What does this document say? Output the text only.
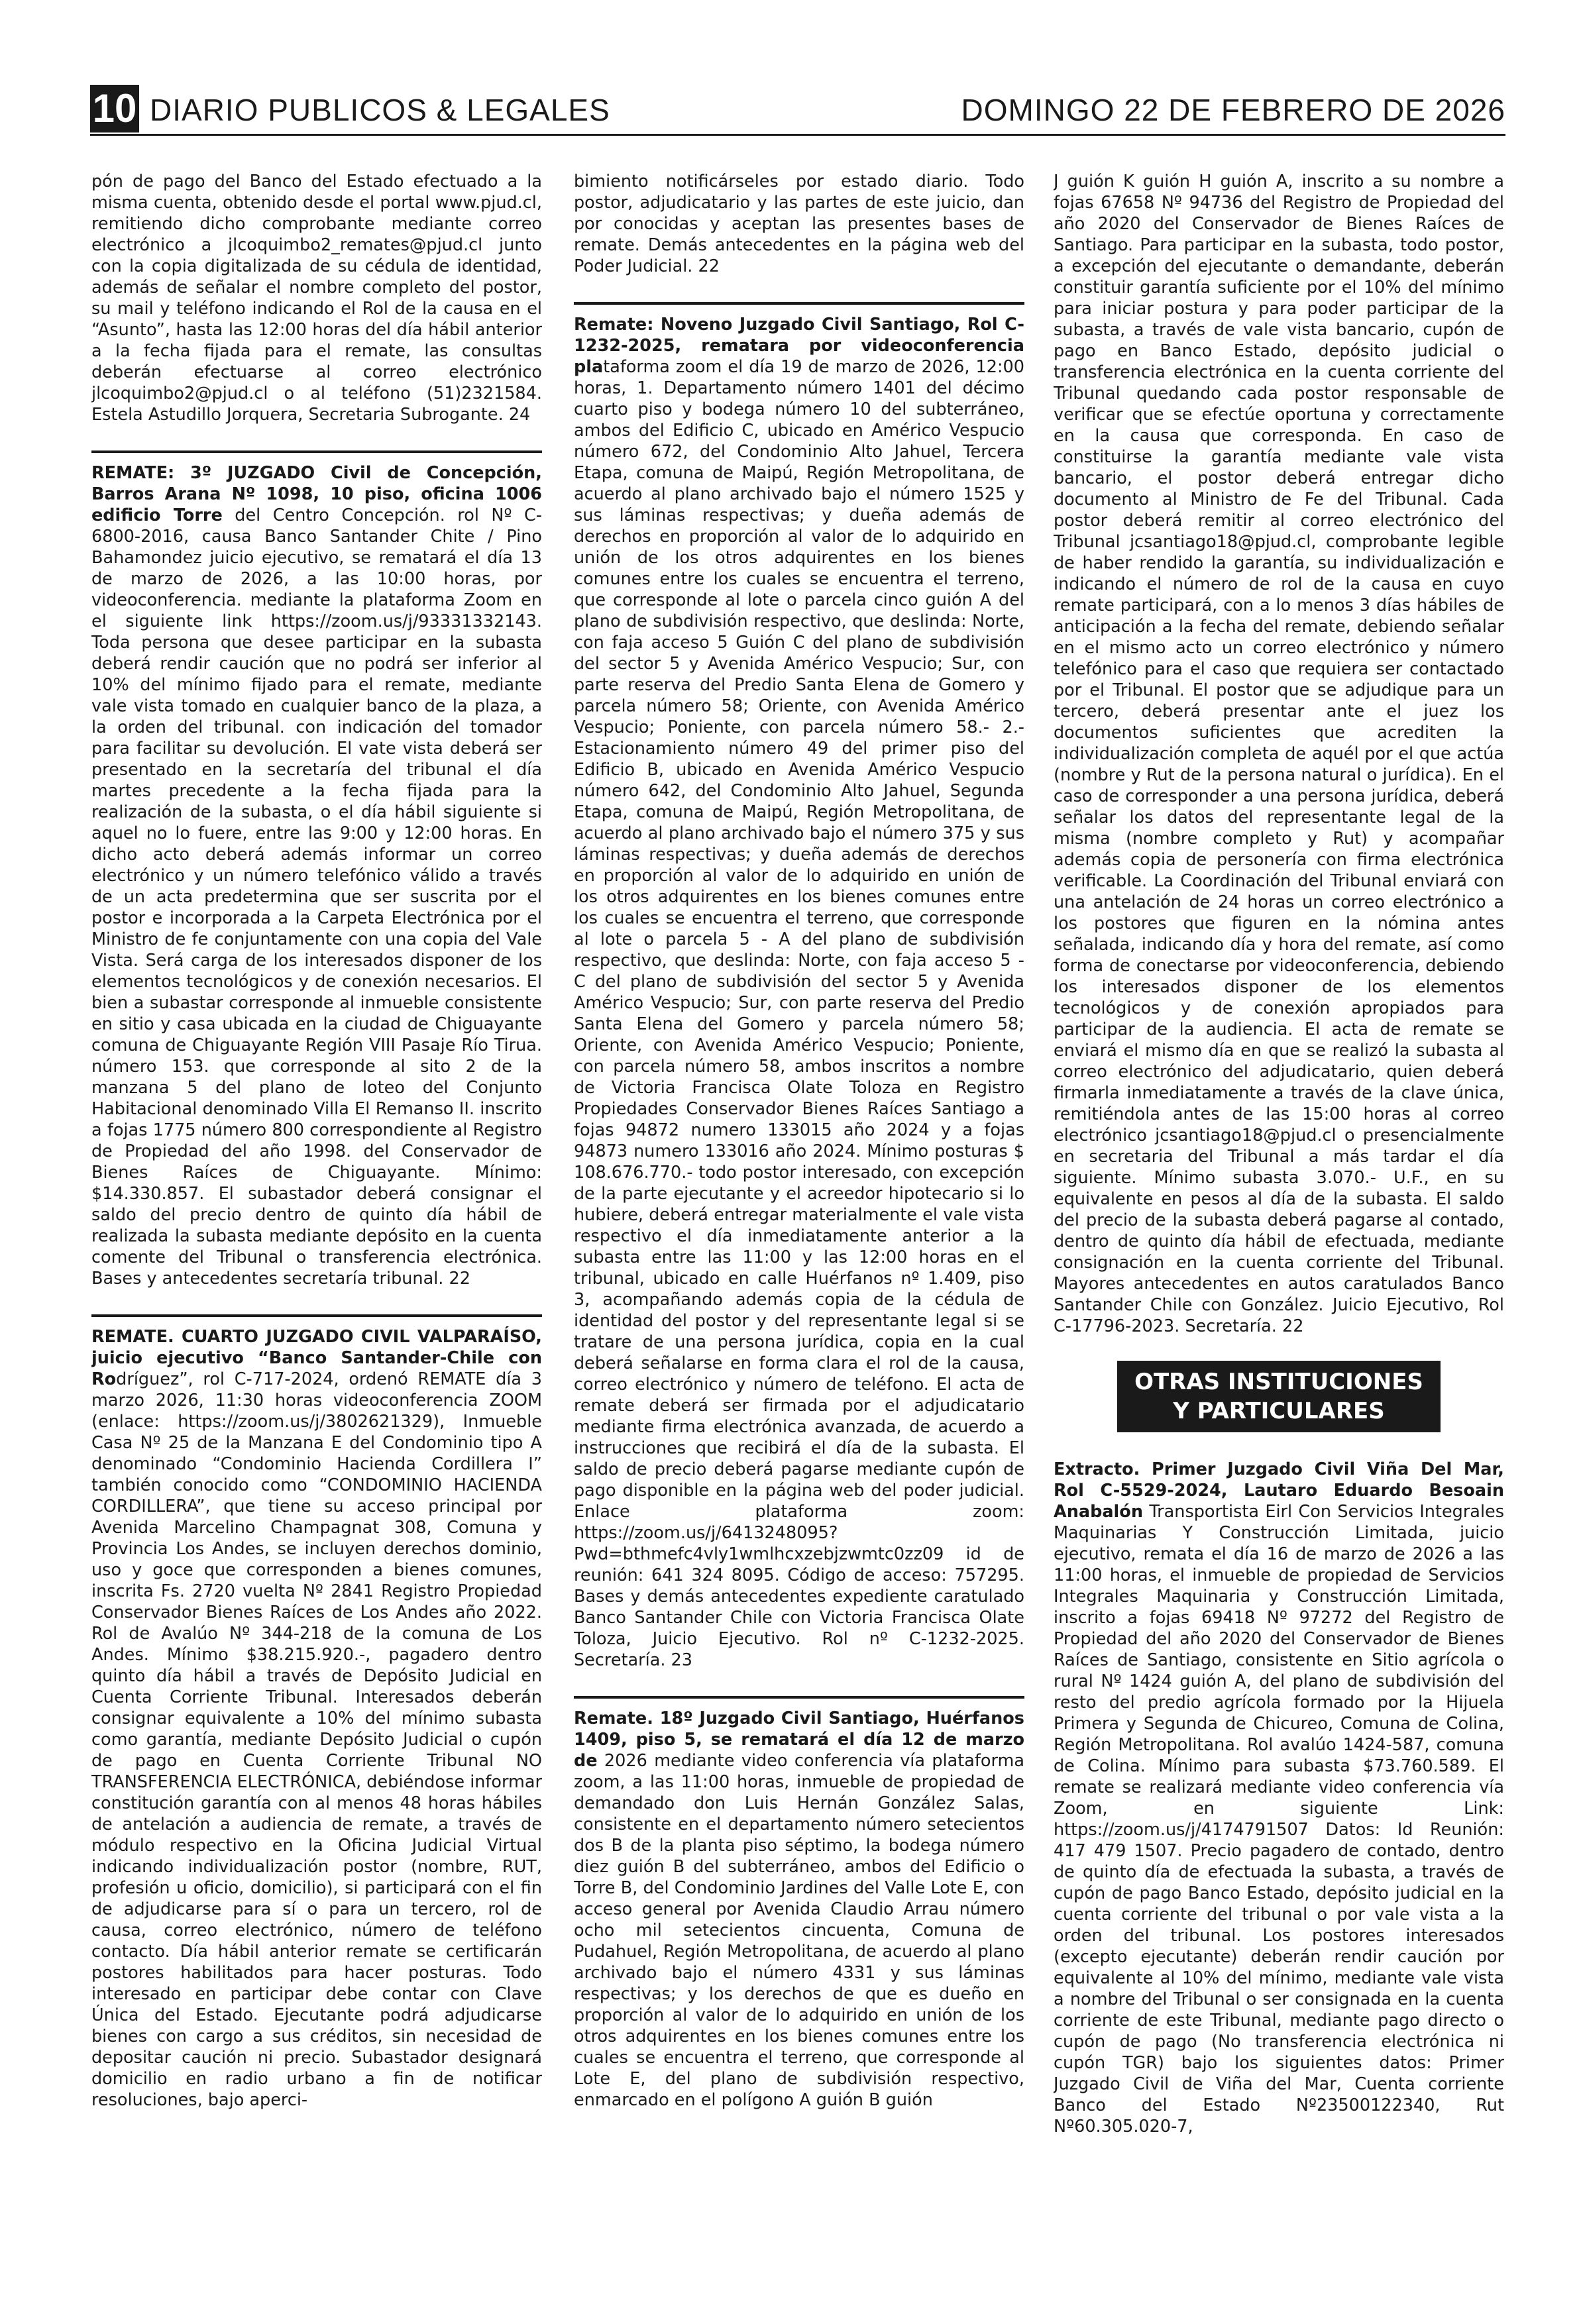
10 DIARIO PUBLICOS & LEGALES	DOMINGO 22 DE FEBRERO DE 2026
pón de pago del Banco del Estado efectuado a la misma cuenta, obtenido desde el portal www.pjud.cl, remitiendo dicho comprobante mediante correo electrónico a jlcoquimbo2_remates@pjud.cl junto con la copia digitalizada de su cédula de identidad, además de señalar el nombre completo del postor, su mail y teléfono indicando el Rol de la causa en el “Asunto”, hasta las 12:00 horas del día hábil anterior a la fecha fijada para el remate, las consultas deberán efectuarse al correo electrónico jlcoquimbo2@pjud.cl o al teléfono (51)2321584. Estela Astudillo Jorquera, Secretaria Subrogante. 24
REMATE: 3º JUZGADO Civil de Concepción, Barros Arana Nº 1098, 10 piso, oficina 1006 edificio Torre del Centro Concepción. rol Nº C-6800-2016, causa Banco Santander Chite / Pino Bahamondez juicio ejecutivo, se rematará el día 13 de marzo de 2026, a las 10:00 horas, por videoconferencia. mediante la plataforma Zoom en el siguiente link https://zoom.us/j/93331332143. Toda persona que desee participar en la subasta deberá rendir caución que no podrá ser inferior al 10% del mínimo fijado para el remate, mediante vale vista tomado en cualquier banco de la plaza, a la orden del tribunal. con indicación del tomador para facilitar su devolución. El vate vista deberá ser presentado en la secretaría del tribunal el día martes precedente a la fecha fijada para la realización de la subasta, o el día hábil siguiente si aquel no lo fuere, entre las 9:00 y 12:00 horas. En dicho acto deberá además informar un correo electrónico y un número telefónico válido a través de un acta predetermina que ser suscrita por el postor e incorporada a la Carpeta Electrónica por el Ministro de fe conjuntamente con una copia del Vale Vista. Será carga de los interesados disponer de los elementos tecnológicos y de conexión necesarios. El bien a subastar corresponde al inmueble consistente en sitio y casa ubicada en la ciudad de Chiguayante comuna de Chiguayante Región VIII Pasaje Río Tirua. número 153. que corresponde al sito 2 de la manzana 5 del plano de loteo del Conjunto Habitacional denominado Villa El Remanso II. inscrito a fojas 1775 número 800 correspondiente al Registro de Propiedad del año 1998. del Conservador de Bienes Raíces de Chiguayante. Mínimo: $14.330.857. El subastador deberá consignar el saldo del precio dentro de quinto día hábil de realizada la subasta mediante depósito en la cuenta comente del Tribunal o transferencia electrónica. Bases y antecedentes secretaría tribunal. 22
REMATE. CUARTO JUZGADO CIVIL VALPARAÍSO, juicio ejecutivo “Banco Santander-Chile con Rodríguez”, rol C-717-2024, ordenó REMATE día 3 marzo 2026, 11:30 horas videoconferencia ZOOM (enlace: https://zoom.us/j/3802621329), Inmueble Casa Nº 25 de la Manzana E del Condominio tipo A denominado “Condominio Hacienda Cordillera I” también conocido como “CONDOMINIO HACIENDA CORDILLERA”, que tiene su acceso principal por Avenida Marcelino Champagnat 308, Comuna y Provincia Los Andes, se incluyen derechos dominio, uso y goce que corresponden a bienes comunes, inscrita Fs. 2720 vuelta Nº 2841 Registro Propiedad Conservador Bienes Raíces de Los Andes año 2022. Rol de Avalúo Nº 344-218 de la comuna de Los Andes. Mínimo $38.215.920.-, pagadero dentro quinto día hábil a través de Depósito Judicial en Cuenta Corriente Tribunal. Interesados deberán consignar equivalente a 10% del mínimo subasta como garantía, mediante Depósito Judicial o cupón de pago en Cuenta Corriente Tribunal NO TRANSFERENCIA ELECTRÓNICA, debiéndose informar constitución garantía con al menos 48 horas hábiles de antelación a audiencia de remate, a través de módulo respectivo en la Oficina Judicial Virtual indicando individualización postor (nombre, RUT, profesión u oficio, domicilio), si participará con el fin de adjudicarse para sí o para un tercero, rol de causa, correo electrónico, número de teléfono contacto. Día hábil anterior remate se certificarán postores habilitados para hacer posturas. Todo interesado en participar debe contar con Clave Única del Estado. Ejecutante podrá adjudicarse bienes con cargo a sus créditos, sin necesidad de depositar caución ni precio. Subastador designará domicilio en radio urbano a fin de notificar resoluciones, bajo aperci-
bimiento notificárseles por estado diario. Todo postor, adjudicatario y las partes de este juicio, dan por conocidas y aceptan las presentes bases de remate. Demás antecedentes en la página web del Poder Judicial. 22
Remate: Noveno Juzgado Civil Santiago, Rol C-1232-2025, rematara por videoconferencia plataforma zoom el día 19 de marzo de 2026, 12:00 horas, 1. Departamento número 1401 del décimo cuarto piso y bodega número 10 del subterráneo, ambos del Edificio C, ubicado en Américo Vespucio número 672, del Condominio Alto Jahuel, Tercera Etapa, comuna de Maipú, Región Metropolitana, de acuerdo al plano archivado bajo el número 1525 y sus láminas respectivas; y dueña además de derechos en proporción al valor de lo adquirido en unión de los otros adquirentes en los bienes comunes entre los cuales se encuentra el terreno, que corresponde al lote o parcela cinco guión A del plano de subdivisión respectivo, que deslinda: Norte, con faja acceso 5 Guión C del plano de subdivisión del sector 5 y Avenida Américo Vespucio; Sur, con parte reserva del Predio Santa Elena de Gomero y parcela número 58; Oriente, con Avenida Américo Vespucio; Poniente, con parcela número 58.- 2.- Estacionamiento número 49 del primer piso del Edificio B, ubicado en Avenida Américo Vespucio número 642, del Condominio Alto Jahuel, Segunda Etapa, comuna de Maipú, Región Metropolitana, de acuerdo al plano archivado bajo el número 375 y sus láminas respectivas; y dueña además de derechos en proporción al valor de lo adquirido en unión de los otros adquirentes en los bienes comunes entre los cuales se encuentra el terreno, que corresponde al lote o parcela 5 - A del plano de subdivisión respectivo, que deslinda: Norte, con faja acceso 5 - C del plano de subdivisión del sector 5 y Avenida Américo Vespucio; Sur, con parte reserva del Predio Santa Elena del Gomero y parcela número 58; Oriente, con Avenida Américo Vespucio; Poniente, con parcela número 58, ambos inscritos a nombre de Victoria Francisca Olate Toloza en Registro Propiedades Conservador Bienes Raíces Santiago a fojas 94872 numero 133015 año 2024 y a fojas 94873 numero 133016 año 2024. Mínimo posturas $ 108.676.770.- todo postor interesado, con excepción de la parte ejecutante y el acreedor hipotecario si lo hubiere, deberá entregar materialmente el vale vista respectivo el día inmediatamente anterior a la subasta entre las 11:00 y las 12:00 horas en el tribunal, ubicado en calle Huérfanos nº 1.409, piso 3, acompañando además copia de la cédula de identidad del postor y del representante legal si se tratare de una persona jurídica, copia en la cual deberá señalarse en forma clara el rol de la causa, correo electrónico y número de teléfono. El acta de remate deberá ser firmada por el adjudicatario mediante firma electrónica avanzada, de acuerdo a instrucciones que recibirá el día de la subasta. El saldo de precio deberá pagarse mediante cupón de pago disponible en la página web del poder judicial. Enlace plataforma zoom: https://zoom.us/j/6413248095?Pwd=bthmefc4vly1wmlhcxzebjzwmtc0zz09 id de reunión: 641 324 8095. Código de acceso: 757295. Bases y demás antecedentes expediente caratulado Banco Santander Chile con Victoria Francisca Olate Toloza, Juicio Ejecutivo. Rol nº C-1232-2025. Secretaría. 23
Remate. 18º Juzgado Civil Santiago, Huérfanos 1409, piso 5, se rematará el día 12 de marzo de 2026 mediante video conferencia vía plataforma zoom, a las 11:00 horas, inmueble de propiedad de demandado don Luis Hernán González Salas, consistente en el departamento número setecientos dos B de la planta piso séptimo, la bodega número diez guión B del subterráneo, ambos del Edificio o Torre B, del Condominio Jardines del Valle Lote E, con acceso general por Avenida Claudio Arrau número ocho mil setecientos cincuenta, Comuna de Pudahuel, Región Metropolitana, de acuerdo al plano archivado bajo el número 4331 y sus láminas respectivas; y los derechos de que es dueño en proporción al valor de lo adquirido en unión de los otros adquirentes en los bienes comunes entre los cuales se encuentra el terreno, que corresponde al Lote E, del plano de subdivisión respectivo, enmarcado en el polígono A guión B guión
J guión K guión H guión A, inscrito a su nombre a fojas 67658 Nº 94736 del Registro de Propiedad del año 2020 del Conservador de Bienes Raíces de Santiago. Para participar en la subasta, todo postor, a excepción del ejecutante o demandante, deberán constituir garantía suficiente por el 10% del mínimo para iniciar postura y para poder participar de la subasta, a través de vale vista bancario, cupón de pago en Banco Estado, depósito judicial o transferencia electrónica en la cuenta corriente del Tribunal quedando cada postor responsable de verificar que se efectúe oportuna y correctamente en la causa que corresponda. En caso de constituirse la garantía mediante vale vista bancario, el postor deberá entregar dicho documento al Ministro de Fe del Tribunal. Cada postor deberá remitir al correo electrónico del Tribunal jcsantiago18@pjud.cl, comprobante legible de haber rendido la garantía, su individualización e indicando el número de rol de la causa en cuyo remate participará, con a lo menos 3 días hábiles de anticipación a la fecha del remate, debiendo señalar en el mismo acto un correo electrónico y número telefónico para el caso que requiera ser contactado por el Tribunal. El postor que se adjudique para un tercero, deberá presentar ante el juez los documentos suficientes que acrediten la individualización completa de aquél por el que actúa (nombre y Rut de la persona natural o jurídica). En el caso de corresponder a una persona jurídica, deberá señalar los datos del representante legal de la misma (nombre completo y Rut) y acompañar además copia de personería con firma electrónica verificable. La Coordinación del Tribunal enviará con una antelación de 24 horas un correo electrónico a los postores que figuren en la nómina antes señalada, indicando día y hora del remate, así como forma de conectarse por videoconferencia, debiendo los interesados disponer de los elementos tecnológicos y de conexión apropiados para participar de la audiencia. El acta de remate se enviará el mismo día en que se realizó la subasta al correo electrónico del adjudicatario, quien deberá firmarla inmediatamente a través de la clave única, remitiéndola antes de las 15:00 horas al correo electrónico jcsantiago18@pjud.cl o presencialmente en secretaria del Tribunal a más tardar el día siguiente. Mínimo subasta 3.070.- U.F., en su equivalente en pesos al día de la subasta. El saldo del precio de la subasta deberá pagarse al contado, dentro de quinto día hábil de efectuada, mediante consignación en la cuenta corriente del Tribunal. Mayores antecedentes en autos caratulados Banco Santander Chile con González. Juicio Ejecutivo, Rol C-17796-2023. Secretaría. 22
OTRAS INSTITUCIONES
Y PARTICULARES
Extracto. Primer Juzgado Civil Viña Del Mar, Rol C-5529-2024, Lautaro Eduardo Besoain Anabalón Transportista Eirl Con Servicios Integrales Maquinarias Y Construcción Limitada, juicio ejecutivo, remata el día 16 de marzo de 2026 a las 11:00 horas, el inmueble de propiedad de Servicios Integrales Maquinaria y Construcción Limitada, inscrito a fojas 69418 Nº 97272 del Registro de Propiedad del año 2020 del Conservador de Bienes Raíces de Santiago, consistente en Sitio agrícola o rural Nº 1424 guión A, del plano de subdivisión del resto del predio agrícola formado por la Hijuela Primera y Segunda de Chicureo, Comuna de Colina, Región Metropolitana. Rol avalúo 1424-587, comuna de Colina. Mínimo para subasta $73.760.589. El remate se realizará mediante video conferencia vía Zoom, en siguiente Link: https://zoom.us/j/4174791507 Datos: Id Reunión: 417 479 1507. Precio pagadero de contado, dentro de quinto día de efectuada la subasta, a través de cupón de pago Banco Estado, depósito judicial en la cuenta corriente del tribunal o por vale vista a la orden del tribunal. Los postores interesados (excepto ejecutante) deberán rendir caución por equivalente al 10% del mínimo, mediante vale vista a nombre del Tribunal o ser consignada en la cuenta corriente de este Tribunal, mediante pago directo o cupón de pago (No transferencia electrónica ni cupón TGR) bajo los siguientes datos: Primer Juzgado Civil de Viña del Mar, Cuenta corriente Banco del Estado Nº23500122340, Rut Nº60.305.020-7,
